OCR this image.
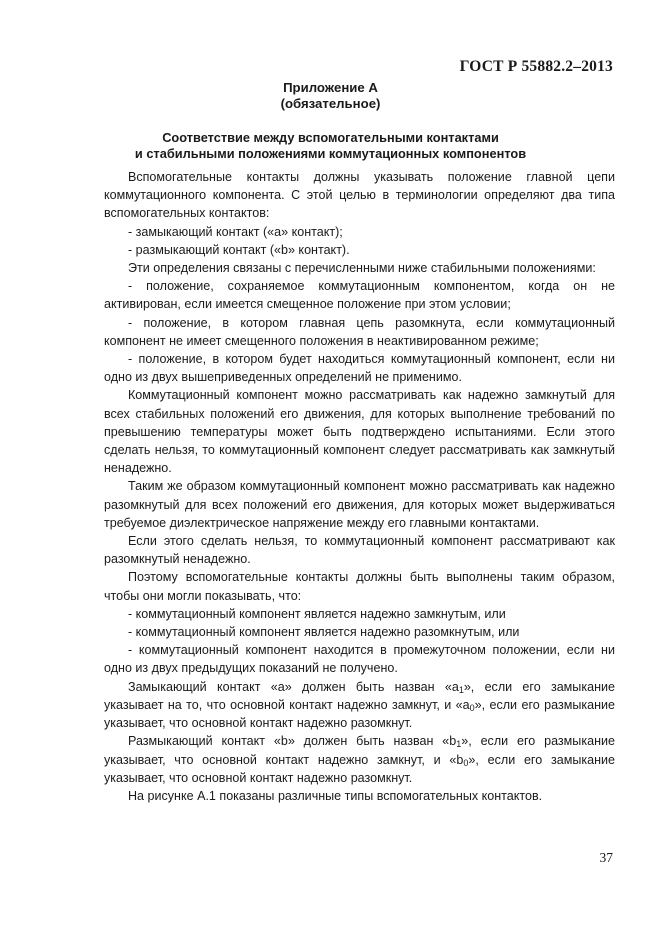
ГОСТ Р 55882.2–2013
Приложение А
(обязательное)
Соответствие между вспомогательными контактами
и стабильными положениями коммутационных компонентов

Вспомогательные контакты должны указывать положение главной цепи коммутационного компонента. С этой целью в терминологии определяют два типа вспомогательных контактов:

- замыкающий контакт («a» контакт);

- размыкающий контакт («b» контакт).

Эти определения связаны с перечисленными ниже стабильными положениями:

- положение, сохраняемое коммутационным компонентом, когда он не активирован, если имеется смещенное положение при этом условии;

- положение, в котором главная цепь разомкнута, если коммутационный компонент не имеет смещенного положения в неактивированном режиме;

- положение, в котором будет находиться коммутационный компонент, если ни одно из двух вышеприведенных определений не применимо.

Коммутационный компонент можно рассматривать как надежно замкнутый для всех стабильных положений его движения, для которых выполнение требований по превышению температуры может быть подтверждено испытаниями. Если этого сделать нельзя, то коммутационный компонент следует рассматривать как замкнутый ненадежно.

Таким же образом коммутационный компонент можно рассматривать как надежно разомкнутый для всех положений его движения, для которых может выдерживаться требуемое диэлектрическое напряжение между его главными контактами.

Если этого сделать нельзя, то коммутационный компонент рассматривают как разомкнутый ненадежно.

Поэтому вспомогательные контакты должны быть выполнены таким образом, чтобы они могли показывать, что:

- коммутационный компонент является надежно замкнутым, или

- коммутационный компонент является надежно разомкнутым, или

- коммутационный компонент находится в промежуточном положении, если ни одно из двух предыдущих показаний не получено.

Замыкающий контакт «a» должен быть назван «$a_1$», если его замыкание указывает на то, что основной контакт надежно замкнут, и «$a_0$», если его размыкание указывает, что основной контакт надежно разомкнут.

Размыкающий контакт «b» должен быть назван «$b_1$», если его размыкание указывает, что основной контакт надежно замкнут, и «$b_0$», если его замыкание указывает, что основной контакт надежно разомкнут.

На рисунке А.1 показаны различные типы вспомогательных контактов.

37
